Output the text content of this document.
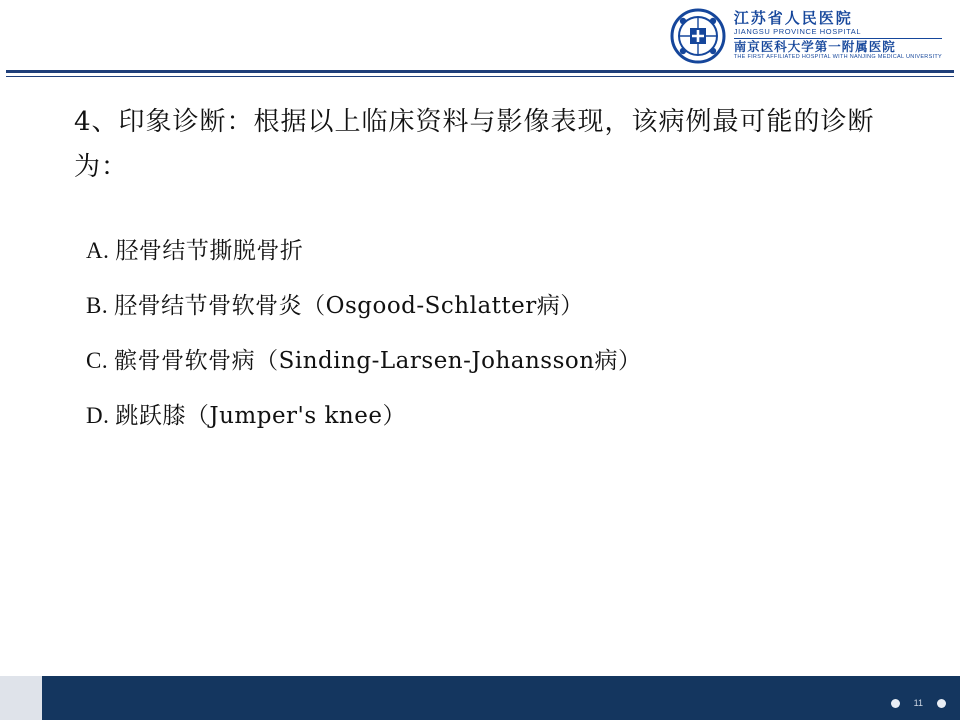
江苏省人民医院
JIANGSU PROVINCE HOSPITAL
南京医科大学第一附属医院
THE FIRST AFFILIATED HOSPITAL WITH NANJING MEDICAL UNIVERSITY
4、印象诊断：根据以上临床资料与影像表现，该病例最可能的诊断为：
A. 胫骨结节撕脱骨折
B. 胫骨结节骨软骨炎（Osgood-Schlatter病）
C. 髌骨骨软骨病（Sinding-Larsen-Johansson病）
D. 跳跃膝（Jumper's knee）
11
